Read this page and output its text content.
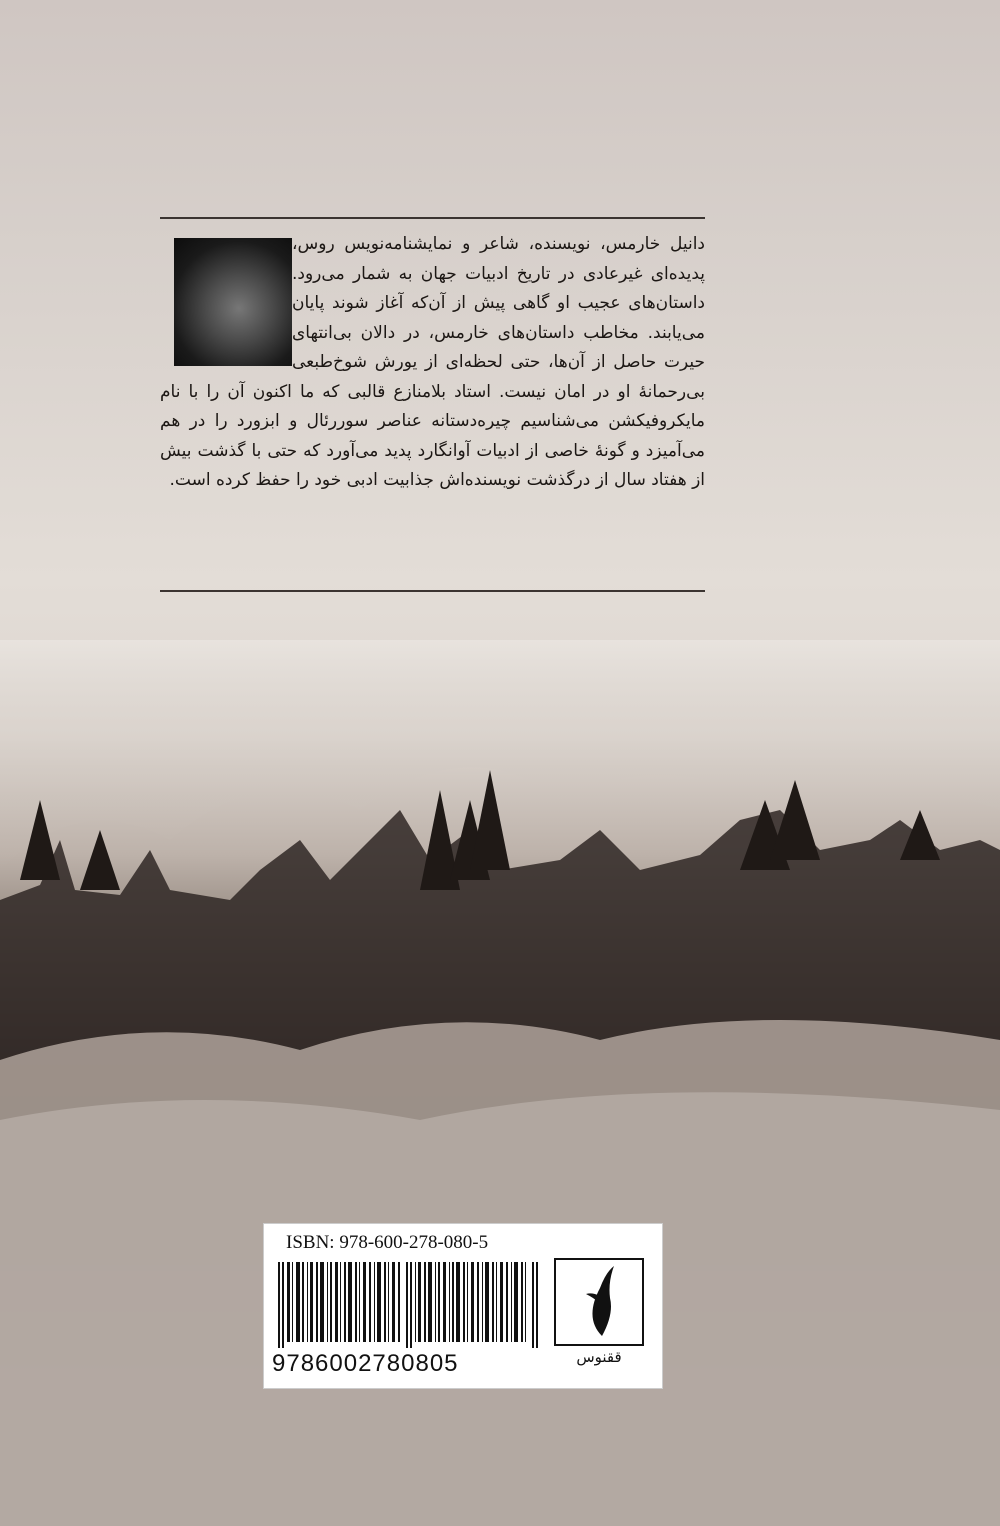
دانیل خارمس، نویسنده، شاعر و نمایشنامه‌نویس روس، پدیده‌ای غیرعادی در تاریخ ادبیات جهان به شمار می‌رود. داستان‌های عجیب او گاهی پیش از آن‌که آغاز شوند پایان می‌یابند. مخاطب داستان‌های خارمس، در دالان بی‌انتهای حیرت حاصل از آن‌ها، حتی لحظه‌ای از یورش شوخ‌طبعی بی‌رحمانهٔ او در امان نیست. استاد بلامنازع قالبی که ما اکنون آن را با نام مایکروفیکشن می‌شناسیم چیره‌دستانه عناصر سوررئال و ابزورد را در هم می‌آمیزد و گونهٔ خاصی از ادبیات آوانگارد پدید می‌آورد که حتی با گذشت بیش از هفتاد سال از درگذشت نویسنده‌اش جذابیت ادبی خود را حفظ کرده است.
ISBN: 978-600-278-080-5
9786002780805	ققنوس
